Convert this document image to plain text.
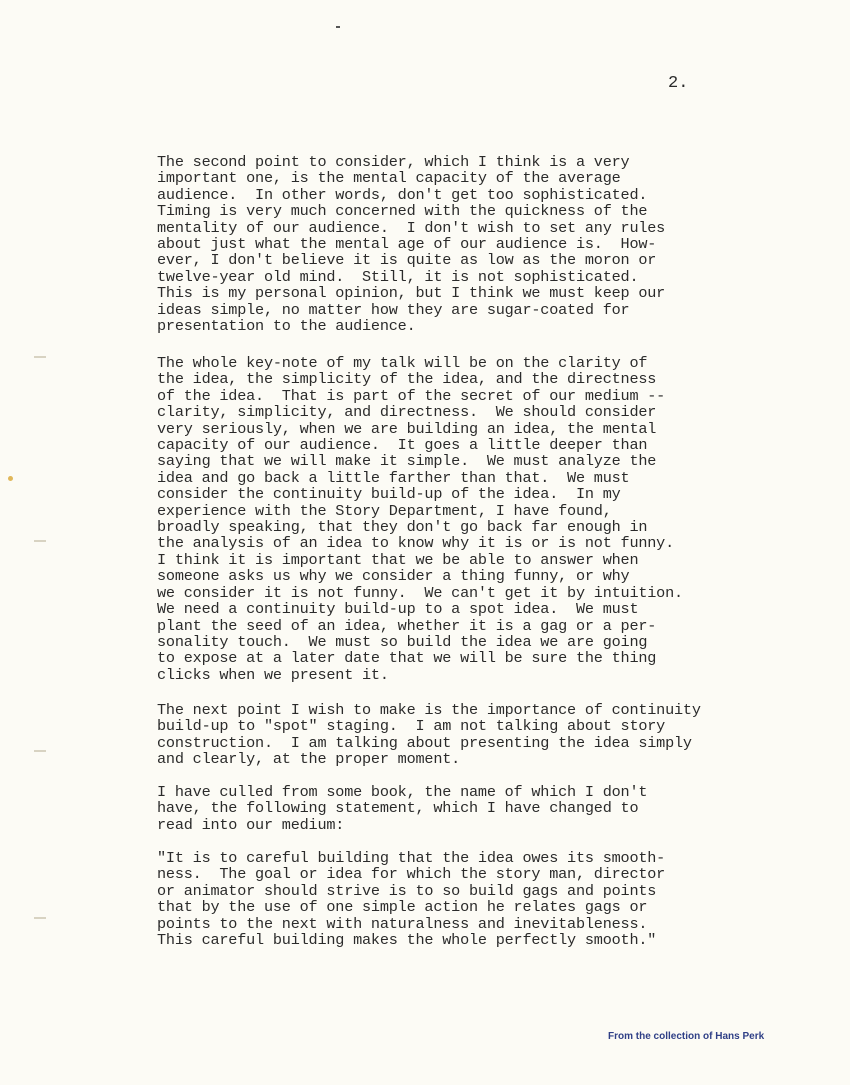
2.

The second point to consider, which I think is a very
important one, is the mental capacity of the average
audience.  In other words, don't get too sophisticated.
Timing is very much concerned with the quickness of the
mentality of our audience.  I don't wish to set any rules
about just what the mental age of our audience is.  How-
ever, I don't believe it is quite as low as the moron or
twelve-year old mind.  Still, it is not sophisticated.
This is my personal opinion, but I think we must keep our
ideas simple, no matter how they are sugar-coated for
presentation to the audience.

The whole key-note of my talk will be on the clarity of
the idea, the simplicity of the idea, and the directness
of the idea.  That is part of the secret of our medium --
clarity, simplicity, and directness.  We should consider
very seriously, when we are building an idea, the mental
capacity of our audience.  It goes a little deeper than
saying that we will make it simple.  We must analyze the
idea and go back a little farther than that.  We must
consider the continuity build-up of the idea.  In my
experience with the Story Department, I have found,
broadly speaking, that they don't go back far enough in
the analysis of an idea to know why it is or is not funny.
I think it is important that we be able to answer when
someone asks us why we consider a thing funny, or why
we consider it is not funny.  We can't get it by intuition.
We need a continuity build-up to a spot idea.  We must
plant the seed of an idea, whether it is a gag or a per-
sonality touch.  We must so build the idea we are going
to expose at a later date that we will be sure the thing
clicks when we present it.

The next point I wish to make is the importance of continuity
build-up to "spot" staging.  I am not talking about story
construction.  I am talking about presenting the idea simply
and clearly, at the proper moment.

I have culled from some book, the name of which I don't
have, the following statement, which I have changed to
read into our medium:

"It is to careful building that the idea owes its smooth-
ness.  The goal or idea for which the story man, director
or animator should strive is to so build gags and points
that by the use of one simple action he relates gags or
points to the next with naturalness and inevitableness.
This careful building makes the whole perfectly smooth."

From the collection of Hans Perk
